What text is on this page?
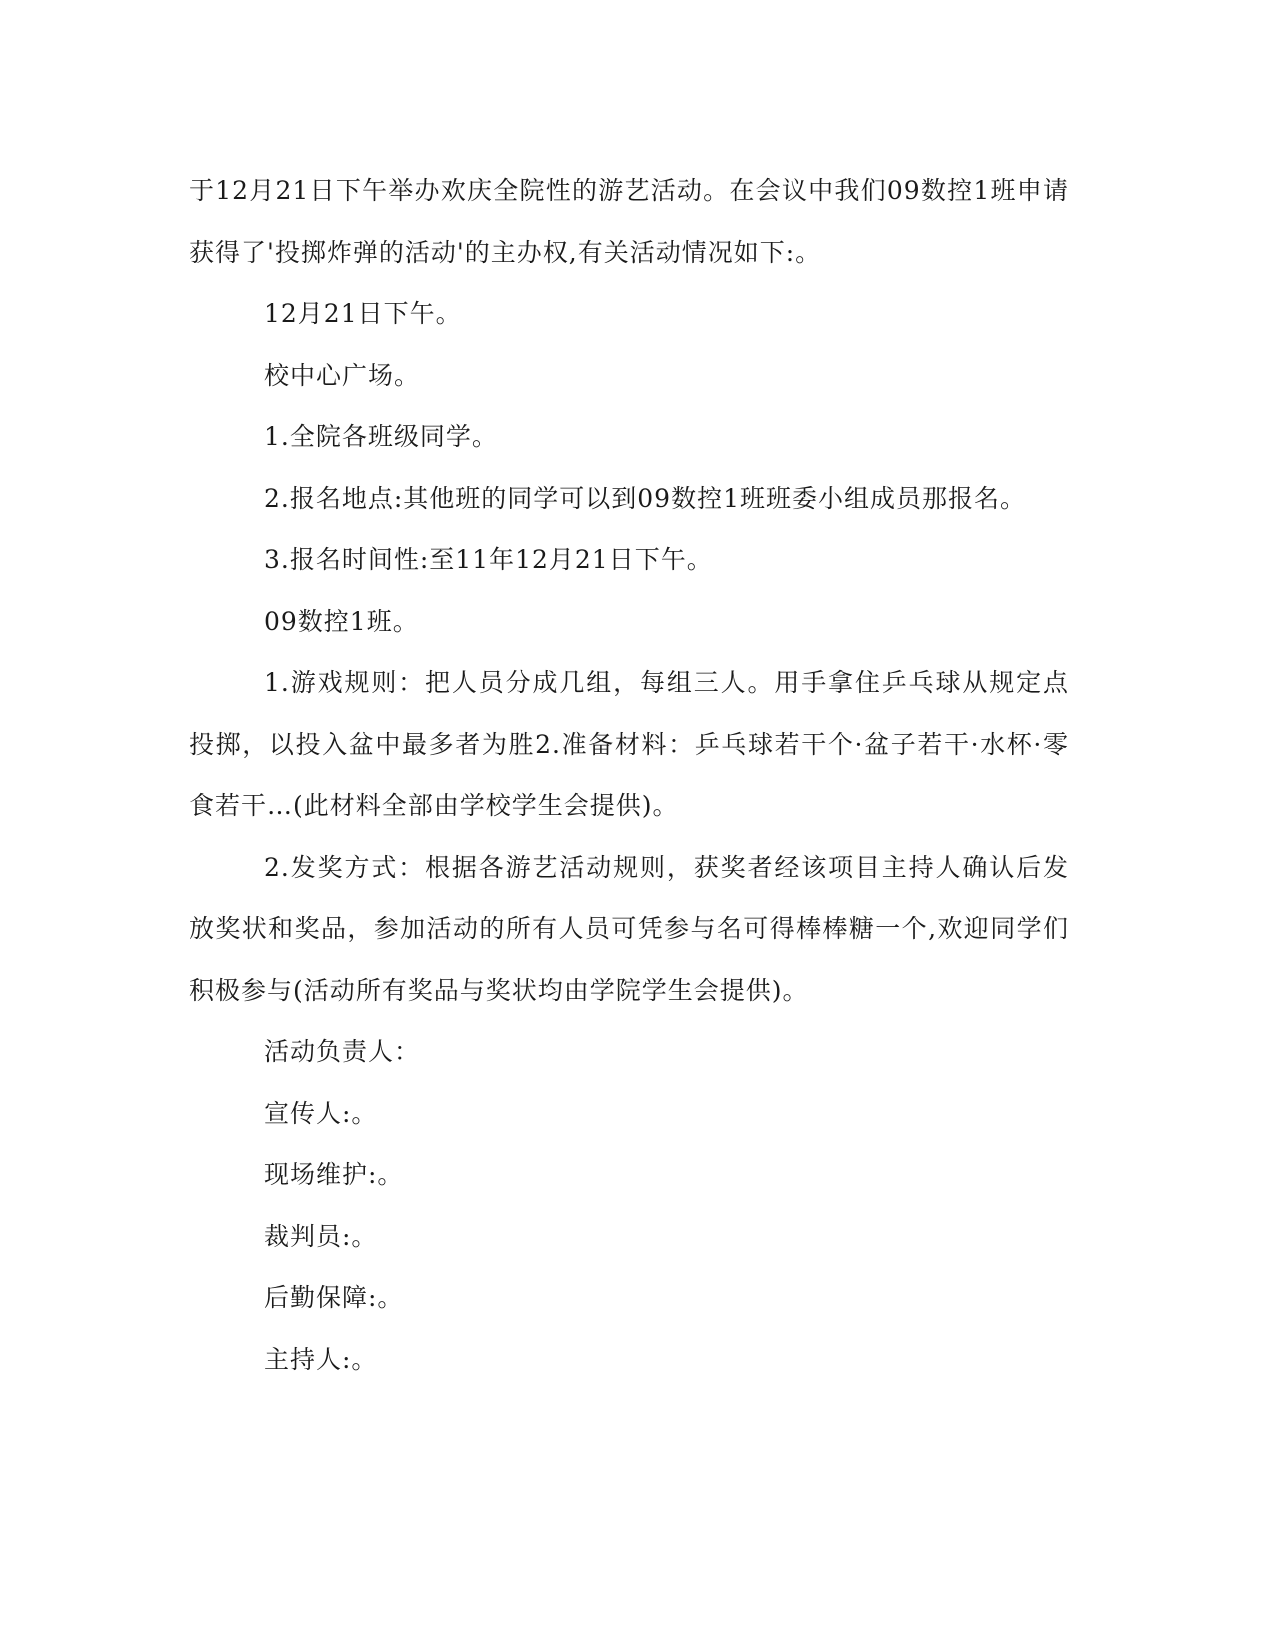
于12月21日下午举办欢庆全院性的游艺活动。在会议中我们09数控1班申请获得了'投掷炸弹的活动'的主办权,有关活动情况如下:。

12月21日下午。

校中心广场。

1.全院各班级同学。

2.报名地点:其他班的同学可以到09数控1班班委小组成员那报名。

3.报名时间性:至11年12月21日下午。

09数控1班。

1.游戏规则：把人员分成几组，每组三人。用手拿住乒乓球从规定点投掷，以投入盆中最多者为胜2.准备材料：乒乓球若干个·盆子若干·水杯·零食若干…(此材料全部由学校学生会提供)。

2.发奖方式：根据各游艺活动规则，获奖者经该项目主持人确认后发放奖状和奖品，参加活动的所有人员可凭参与名可得棒棒糖一个,欢迎同学们积极参与(活动所有奖品与奖状均由学院学生会提供)。

活动负责人：

宣传人:。

现场维护:。

裁判员:。

后勤保障:。

主持人:。
